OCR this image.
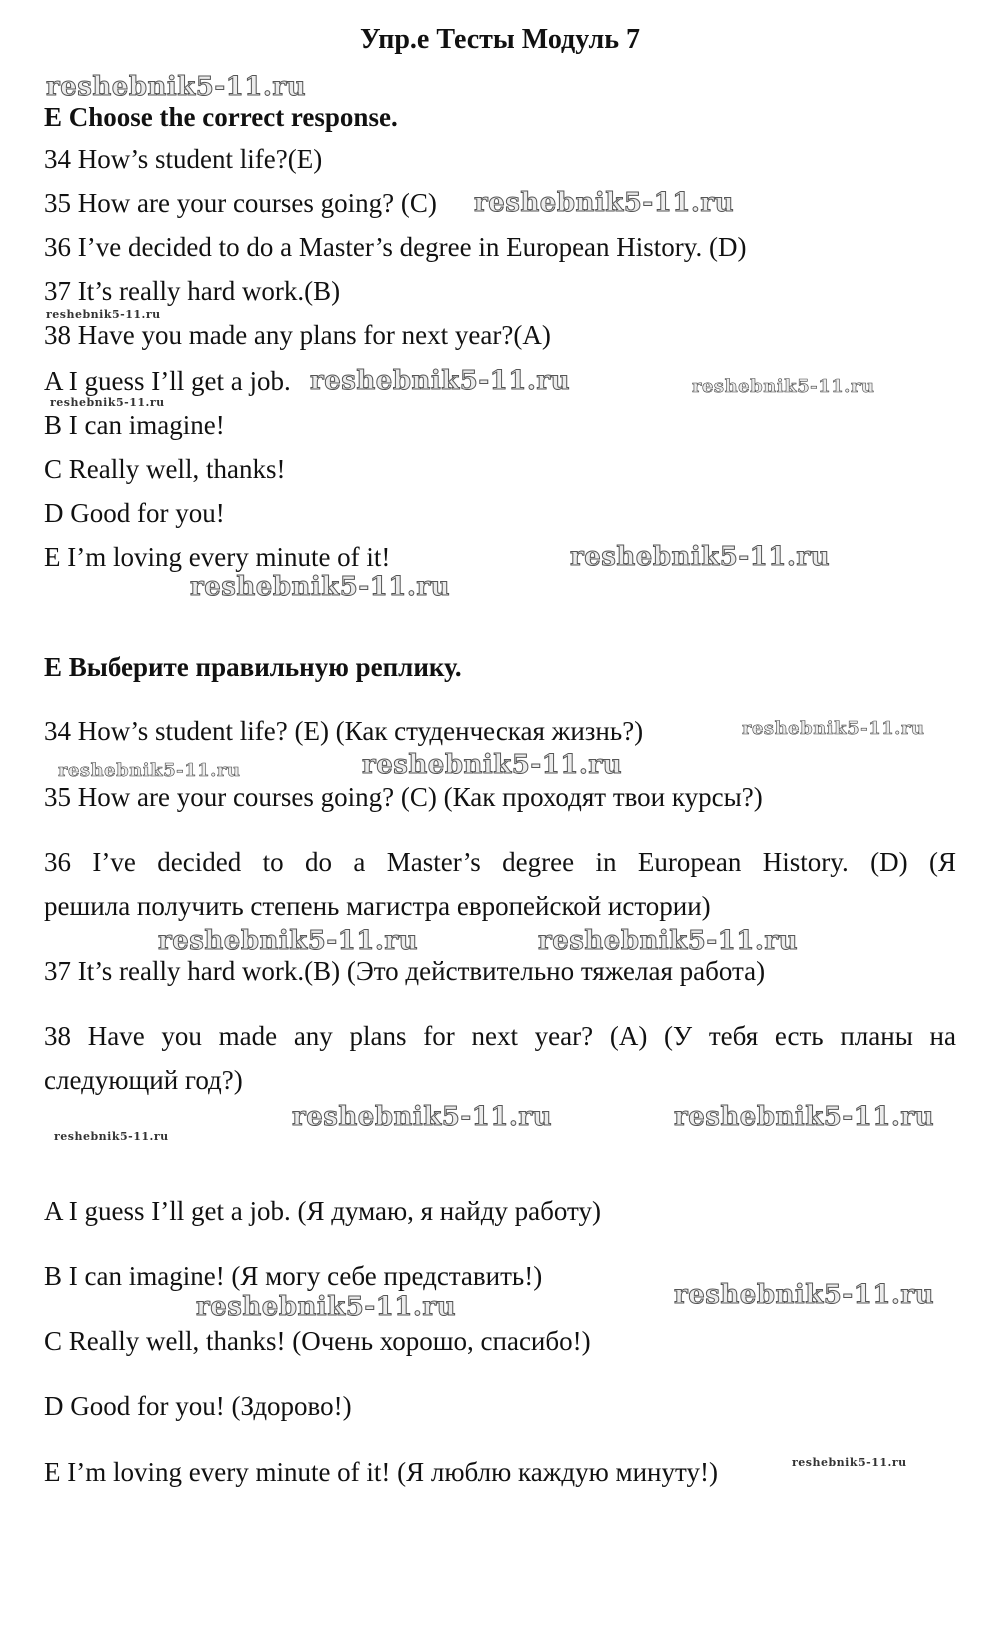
Упр.е Тесты Модуль 7
E Choose the correct response.
34 How’s student life?(E)
35 How are your courses going? (C)
36 I’ve decided to do a Master’s degree in European History. (D)
37 It’s really hard work.(B)
38 Have you made any plans for next year?(A)
A I guess I’ll get a job.
B I can imagine!
C Really well, thanks!
D Good for you!
E I’m loving every minute of it!
E Выберите правильную реплику.
34 How’s student life? (E) (Как студенческая жизнь?)
35 How are your courses going? (C) (Как проходят твои курсы?)
36 I’ve decided to do a Master’s degree in European History. (D) (Я
решила получить степень магистра европейской истории)
37 It’s really hard work.(B) (Это действительно тяжелая работа)
38 Have you made any plans for next year? (A) (У тебя есть планы на
следующий год?)
A I guess I’ll get a job. (Я думаю, я найду работу)
B I can imagine! (Я могу себе представить!)
C Really well, thanks! (Очень хорошо, спасибо!)
D Good for you! (Здорово!)
E I’m loving every minute of it! (Я люблю каждую минуту!)
reshebnik5-11.ru
reshebnik5-11.ru
reshebnik5-11.ru
reshebnik5-11.ru	reshebnik5-11.ru
reshebnik5-11.ru
reshebnik5-11.ru
reshebnik5-11.ru
reshebnik5-11.ru
reshebnik5-11.ru	reshebnik5-11.ru
reshebnik5-11.ru	reshebnik5-11.ru
reshebnik5-11.ru	reshebnik5-11.ru
reshebnik5-11.ru
reshebnik5-11.ru
reshebnik5-11.ru
reshebnik5-11.ru
